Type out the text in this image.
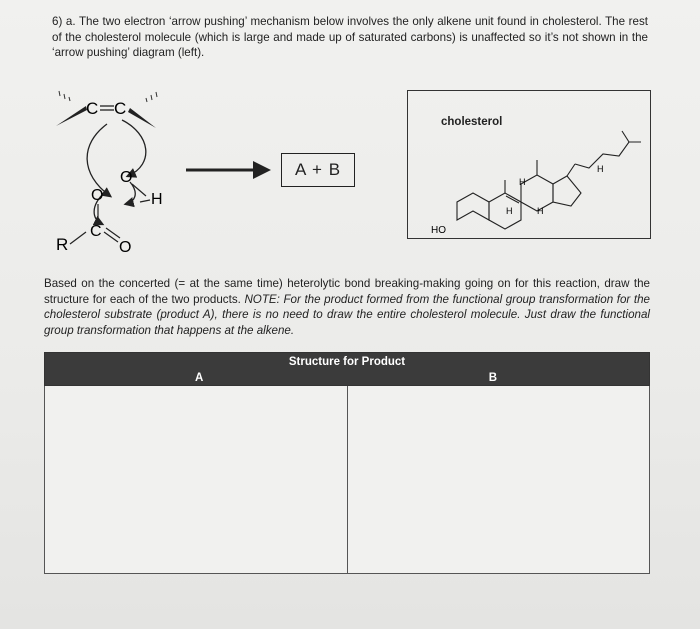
6) a. The two electron ‘arrow pushing’ mechanism below involves the only alkene unit found in cholesterol. The rest of the cholesterol molecule (which is large and made up of saturated carbons) is unaffected so it’s not shown in the ‘arrow pushing’ diagram (left).
C C
O
O	H
C
R	O
A + B
cholesterol
HO
H
H	H
H
Based on the concerted (= at the same time) heterolytic bond breaking-making going on for this reaction, draw the structure for each of the two products. NOTE: For the product formed from the functional group transformation for the cholesterol substrate (product A), there is no need to draw the entire cholesterol molecule. Just draw the functional group transformation that happens at the alkene.
Structure for Product
A	B
